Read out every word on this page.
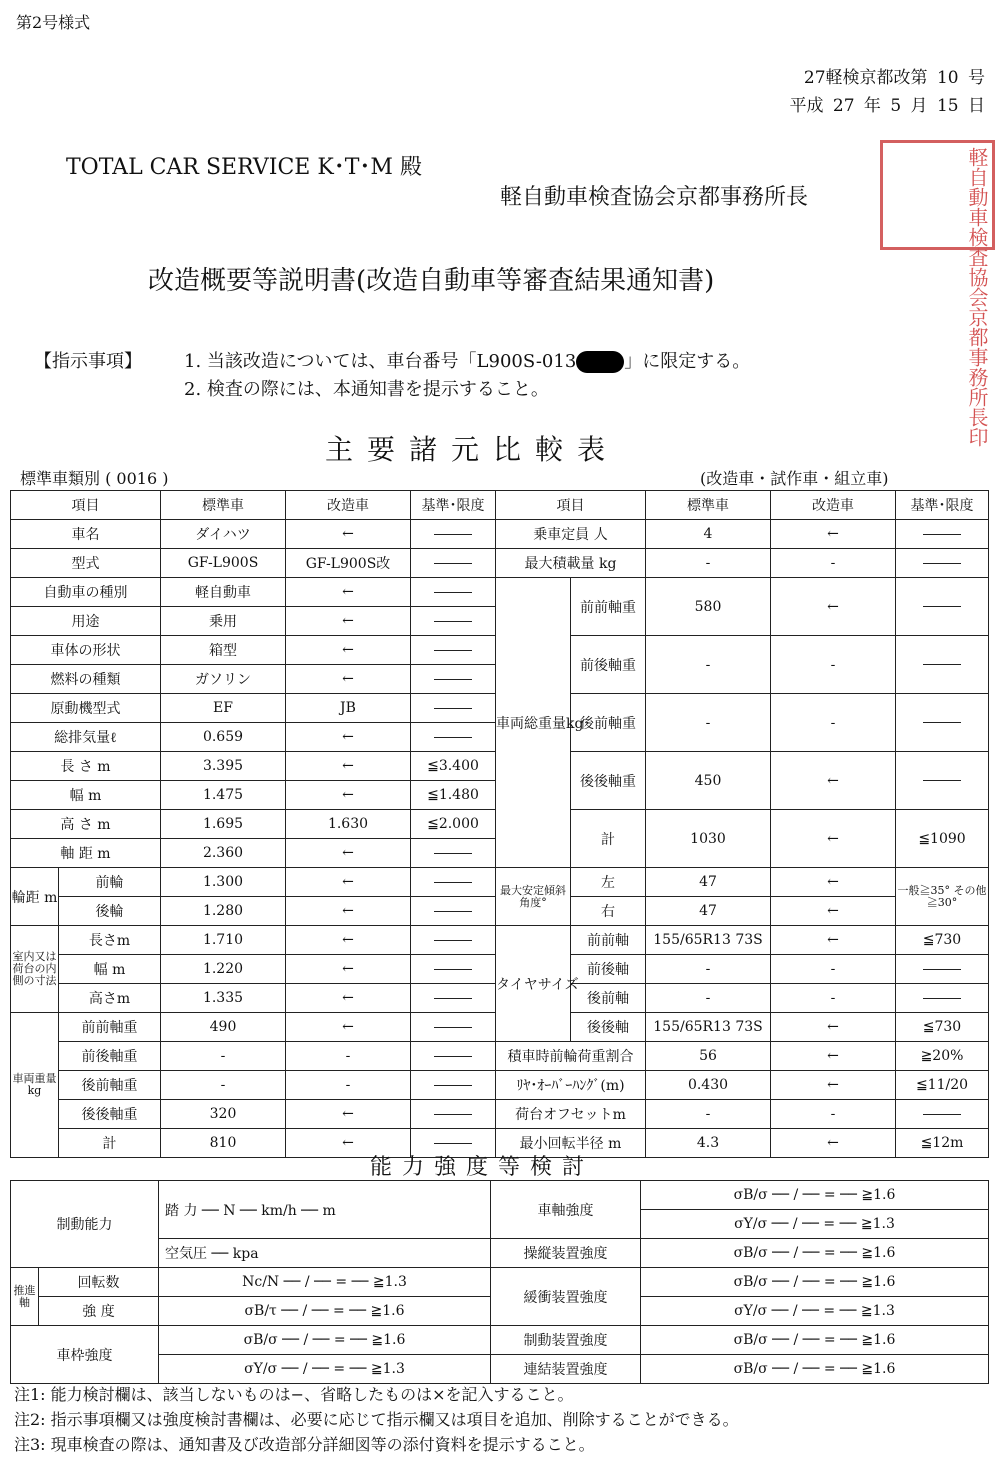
第2号様式
27軽検京都改第 10 号
平成 27 年 5 月 15 日
TOTAL CAR SERVICE K･T･M 殿
軽自動車検査協会京都事務所長	軽自動車検査協会京都事務所長印
改造概要等説明書(改造自動車等審査結果通知書)
【指示事項】 1. 当該改造については、車台番号「L900S-013	」に限定する。
2. 検査の際には、本通知書を提示すること。
主要諸元比較表
標準車類別 ( 0016 )	(改造車・試作車・組立車)
項目		標準車	改造車	基準･限度	項目		標準車	改造車	基準･限度
車名		ダイハツ	←		乗車定員 人		4	←	
型式		GF-L900S	GF-L900S改		最大積載量 kg		-	-	
自動車の種別		軽自動車	←		車両総重量kg	前前軸重	580	←	
用途		乗用	←						
車体の形状		箱型	←			前後軸重	-	-	
燃料の種類		ガソリン	←						
原動機型式		EF	JB			後前軸重	-	-	
総排気量ℓ		0.659	←						
長 さ m		3.395	←	≦3.400		後後軸重	450	←	
幅 m		1.475	←	≦1.480					
高 さ m		1.695	1.630	≦2.000		計	1030	←	≦1090
軸 距 m		2.360	←						
輪距 m	前輪	1.300	←		最大安定傾斜角度°	左	47	←	一般≧35° その他≧30°
	後輪	1.280	←			右	47	←	
室内又は荷台の内側の寸法	長さm	1.710	←		タイヤサイズ	前前軸	155/65R13 73S	←	≦730
	幅 m	1.220	←			前後軸	-	-	
	高さm	1.335	←			後前軸	-	-	
車両重量kg	前前軸重	490	←			後後軸	155/65R13 73S	←	≦730
	前後軸重	-	-		積車時前輪荷重割合		56	←	≧20%
	後前軸重	-	-		ﾘﾔ･ｵｰﾊﾞｰﾊﾝｸﾞ(m)		0.430	←	≦11/20
	後後軸重	320	←		荷台オフセットm		-	-	
	計	810	←		最小回転半径 m		4.3	←	≦12m
能力強度等検討
制動能力		踏 力 ── N ── km/h ── m	車軸強度	σB/σ ── / ── = ── ≧1.6
				σY/σ ── / ── = ── ≧1.3
		空気圧 ── kpa	操縦装置強度	σB/σ ── / ── = ── ≧1.6
推進軸	回転数	Nc/N ── / ── = ── ≧1.3	緩衝装置強度	σB/σ ── / ── = ── ≧1.6
	強 度	σB/τ ── / ── = ── ≧1.6		σY/σ ── / ── = ── ≧1.3
車枠強度		σB/σ ── / ── = ── ≧1.6	制動装置強度	σB/σ ── / ── = ── ≧1.6
		σY/σ ── / ── = ── ≧1.3	連結装置強度	σB/σ ── / ── = ── ≧1.6
注1: 能力検討欄は、該当しないものは−、省略したものは×を記入すること。
注2: 指示事項欄又は強度検討書欄は、必要に応じて指示欄又は項目を追加、削除することができる。
注3: 現車検査の際は、通知書及び改造部分詳細図等の添付資料を提示すること。
